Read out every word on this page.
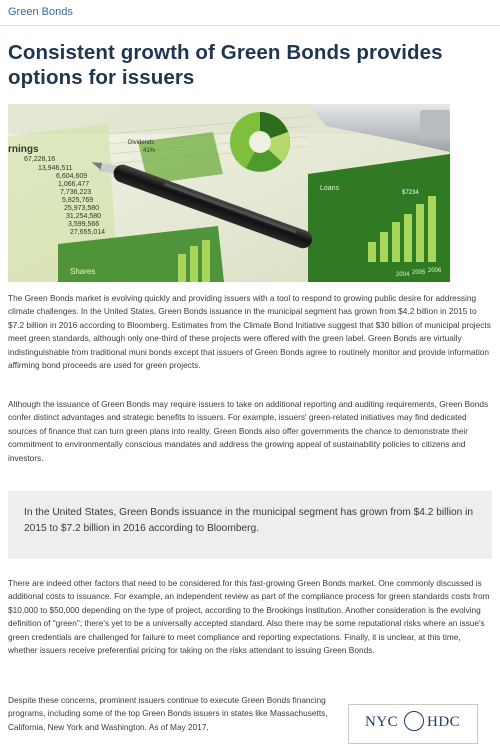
Green Bonds
Consistent growth of Green Bonds provides options for issuers
rnings
67,228,16
13,946,511
6,604,609
1,066,477
7,736,223
5,825,769
25,973,580
31,254,580
3,599,566
27,655,014
Dividends
41%
Loans
$7234
2004 2005 2006
Shares

The Green Bonds market is evolving quickly and providing issuers with a tool to respond to growing public desire for addressing climate challenges. In the United States, Green Bonds issuance in the municipal segment has grown from $4.2 billion in 2015 to $7.2 billion in 2016 according to Bloomberg. Estimates from the Climate Bond Initiative suggest that $30 billion of municipal projects meet green standards, although only one-third of these projects were offered with the green label. Green Bonds are virtually indistinguishable from traditional muni bonds except that issuers of Green Bonds agree to routinely monitor and provide information affirming bond proceeds are used for green projects.

Although the issuance of Green Bonds may require issuers to take on additional reporting and auditing requirements, Green Bonds confer distinct advantages and strategic benefits to issuers. For example, issuers' green-related initiatives may find dedicated sources of finance that can turn green plans into reality. Green Bonds also offer governments the chance to demonstrate their commitment to environmentally conscious mandates and address the growing appeal of sustainability policies to citizens and investors.

In the United States, Green Bonds issuance in the municipal segment has grown from $4.2 billion in 2015 to $7.2 billion in 2016 according to Bloomberg.

There are indeed other factors that need to be considered for this fast-growing Green Bonds market. One commonly discussed is additional costs to issuance. For example, an independent review as part of the compliance process for green standards costs from $10,000 to $50,000 depending on the type of project, according to the Brookings Institution. Another consideration is the evolving definition of "green"; there's yet to be a universally accepted standard. Also there may be some reputational risks where an issue's green credentials are challenged for failure to meet compliance and reporting expectations. Finally, it is unclear, at this time, whether issuers receive preferential pricing for taking on the risks attendant to issuing Green Bonds.

Despite these concerns, prominent issuers continue to execute Green Bonds financing programs, including some of the top Green Bonds issuers in states like Massachusetts, California, New York and Washington. As of May 2017,	NYC HDC
